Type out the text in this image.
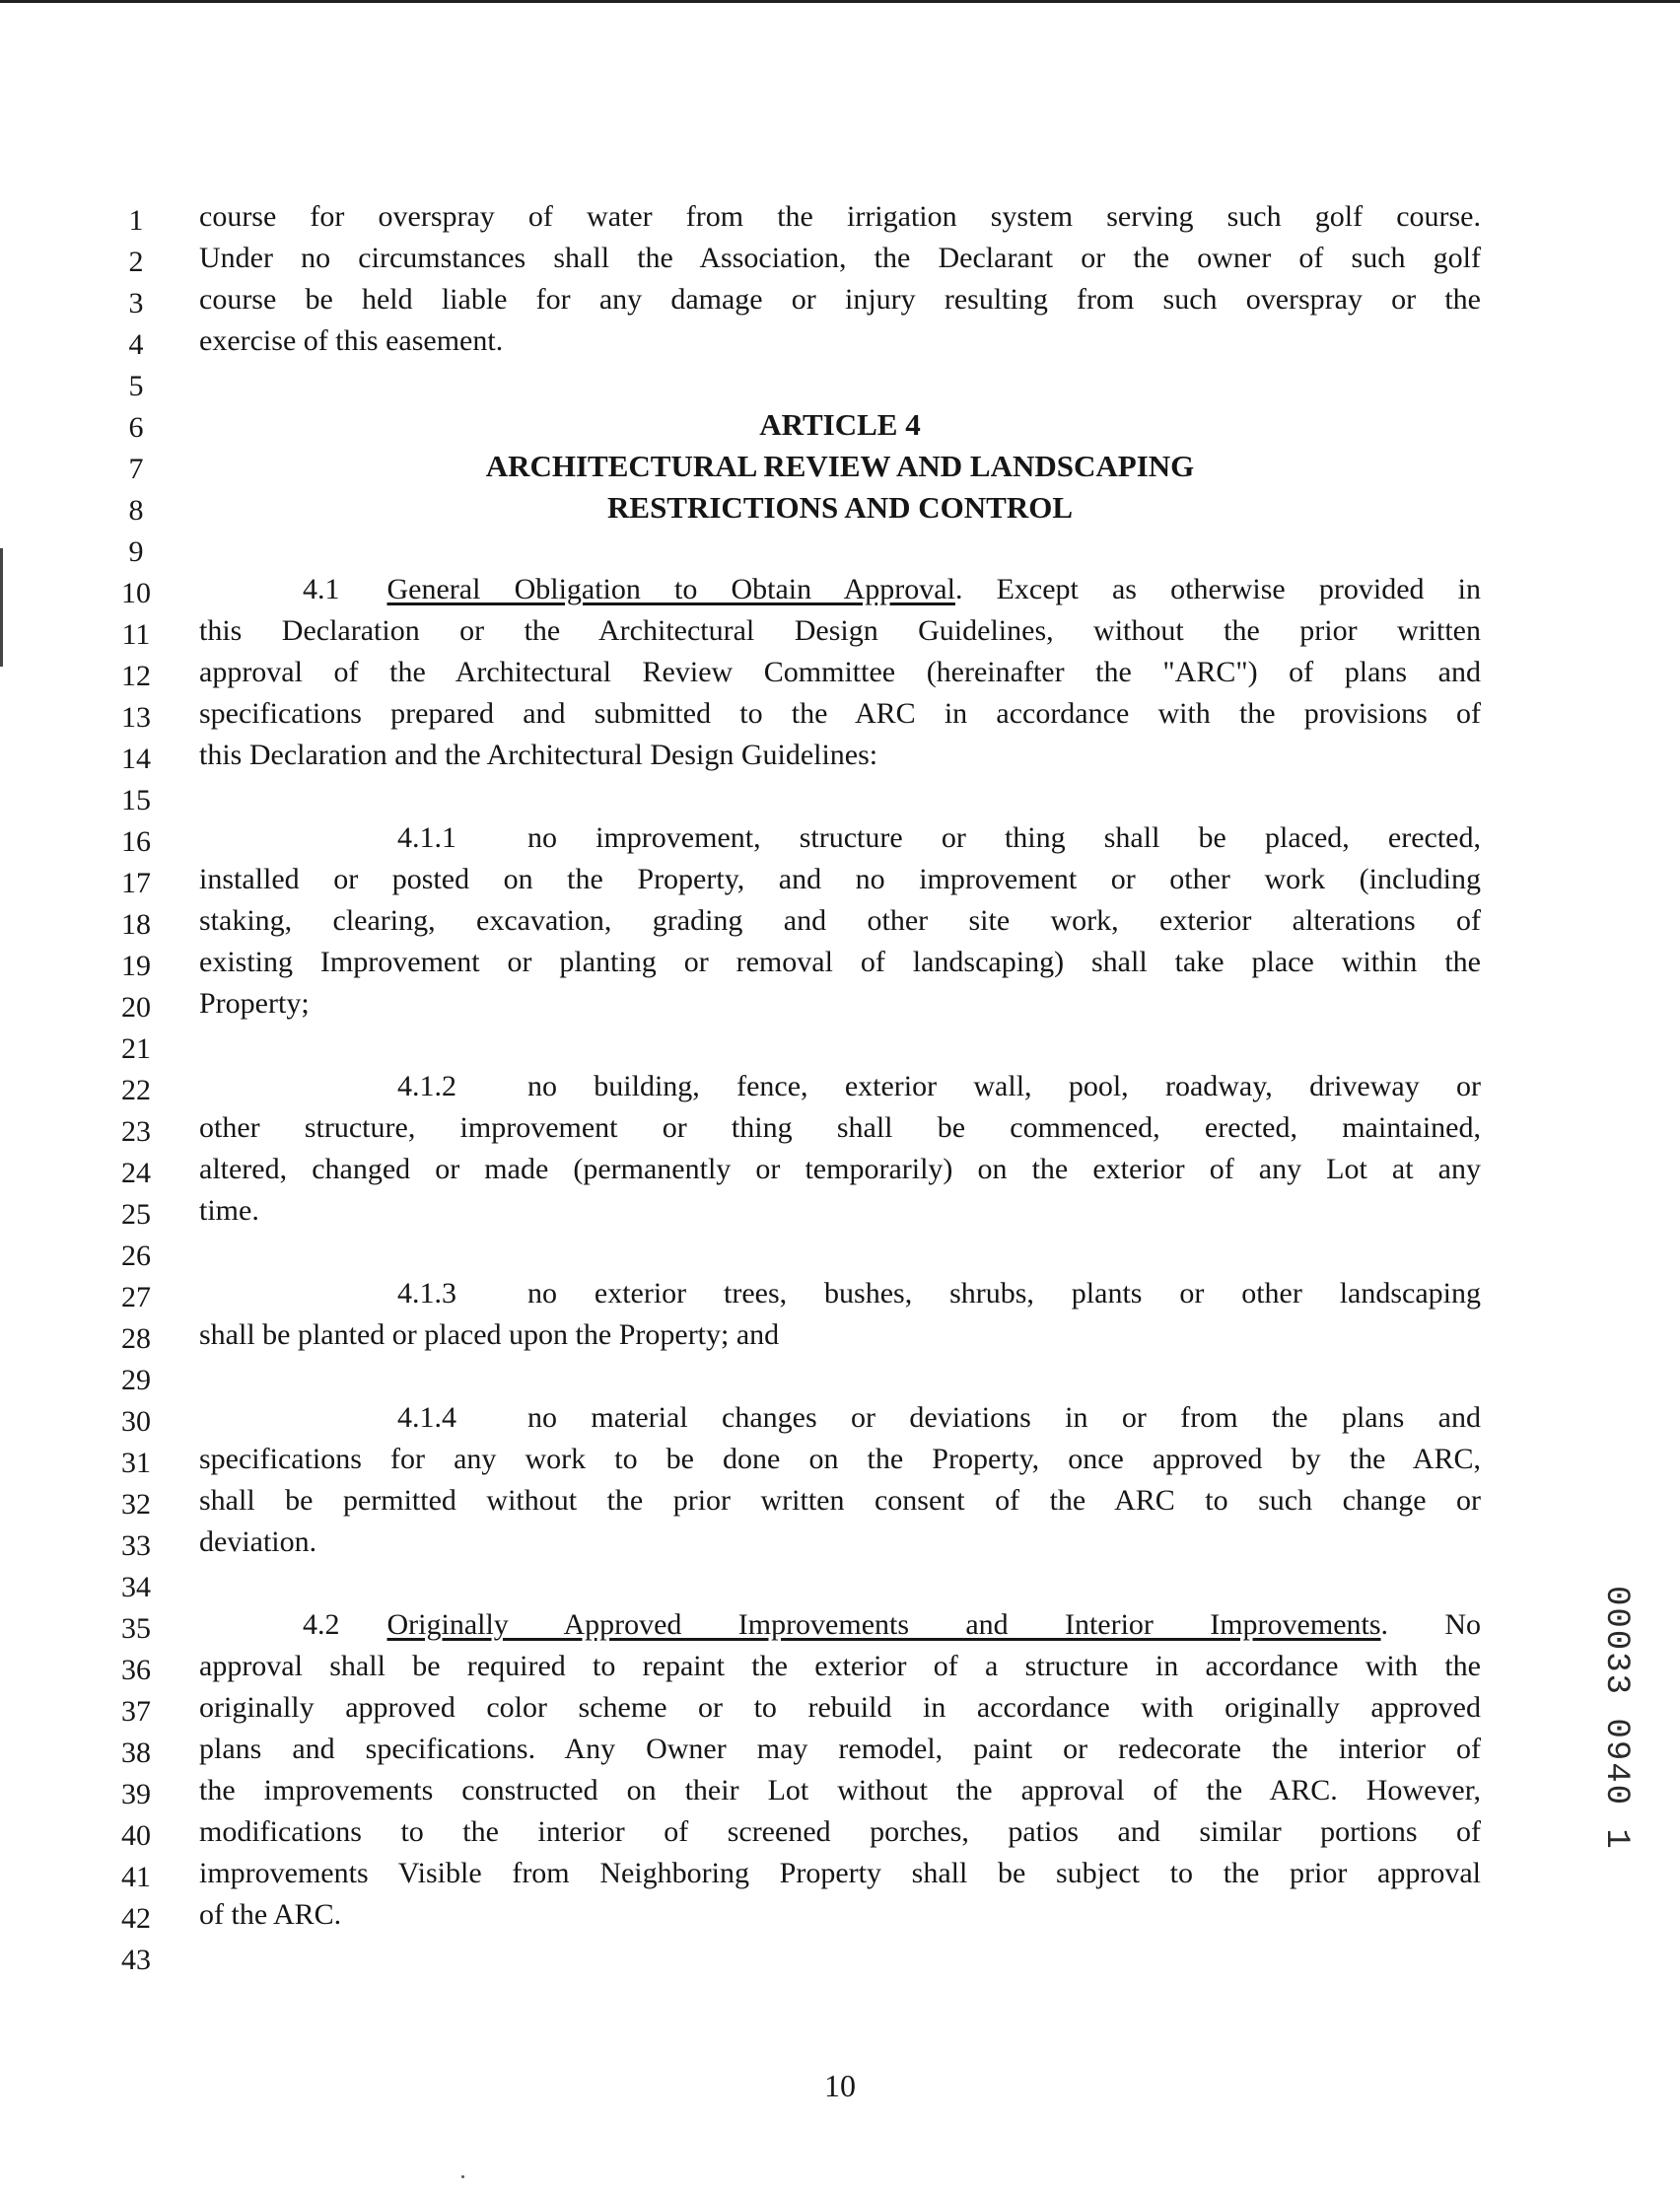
1
2
3
4
5
6
7
8
9
10
11
12
13
14
15
16
17
18
19
20
21
22
23
24
25
26
27
28
29
30
31
32
33
34
35
36
37
38
39
40
41
42
43
course for overspray of water from the irrigation system serving such golf course.
Under no circumstances shall the Association, the Declarant or the owner of such golf
course be held liable for any damage or injury resulting from such overspray or the
exercise of this easement.
ARTICLE 4
ARCHITECTURAL REVIEW AND LANDSCAPING
RESTRICTIONS AND CONTROL
4.1 General Obligation to Obtain Approval. Except as otherwise provided in
this Declaration or the Architectural Design Guidelines, without the prior written
approval of the Architectural Review Committee (hereinafter the "ARC") of plans and
specifications prepared and submitted to the ARC in accordance with the provisions of
this Declaration and the Architectural Design Guidelines:
4.1.1 no improvement, structure or thing shall be placed, erected,
installed or posted on the Property, and no improvement or other work (including
staking, clearing, excavation, grading and other site work, exterior alterations of
existing Improvement or planting or removal of landscaping) shall take place within the
Property;
4.1.2 no building, fence, exterior wall, pool, roadway, driveway or
other structure, improvement or thing shall be commenced, erected, maintained,
altered, changed or made (permanently or temporarily) on the exterior of any Lot at any
time.
4.1.3 no exterior trees, bushes, shrubs, plants or other landscaping
shall be planted or placed upon the Property; and
4.1.4 no material changes or deviations in or from the plans and
specifications for any work to be done on the Property, once approved by the ARC,
shall be permitted without the prior written consent of the ARC to such change or
deviation.
4.2 Originally Approved Improvements and Interior Improvements. No
approval shall be required to repaint the exterior of a structure in accordance with the
originally approved color scheme or to rebuild in accordance with originally approved
plans and specifications. Any Owner may remodel, paint or redecorate the interior of
the improvements constructed on their Lot without the approval of the ARC. However,
modifications to the interior of screened porches, patios and similar portions of
improvements Visible from Neighboring Property shall be subject to the prior approval
of the ARC.
00033 0940 1
10
